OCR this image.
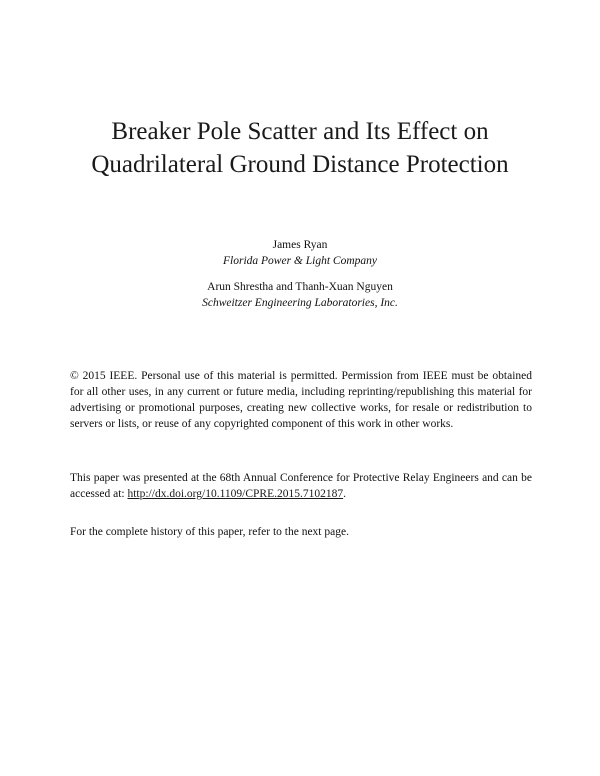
Breaker Pole Scatter and Its Effect on
Quadrilateral Ground Distance Protection
James Ryan
Florida Power & Light Company
Arun Shrestha and Thanh-Xuan Nguyen
Schweitzer Engineering Laboratories, Inc.

© 2015 IEEE. Personal use of this material is permitted. Permission from IEEE must be obtained for all other uses, in any current or future media, including reprinting/republishing this material for advertising or promotional purposes, creating new collective works, for resale or redistribution to servers or lists, or reuse of any copyrighted component of this work in other works.

This paper was presented at the 68th Annual Conference for Protective Relay Engineers and can be accessed at: http://dx.doi.org/10.1109/CPRE.2015.7102187.

For the complete history of this paper, refer to the next page.
